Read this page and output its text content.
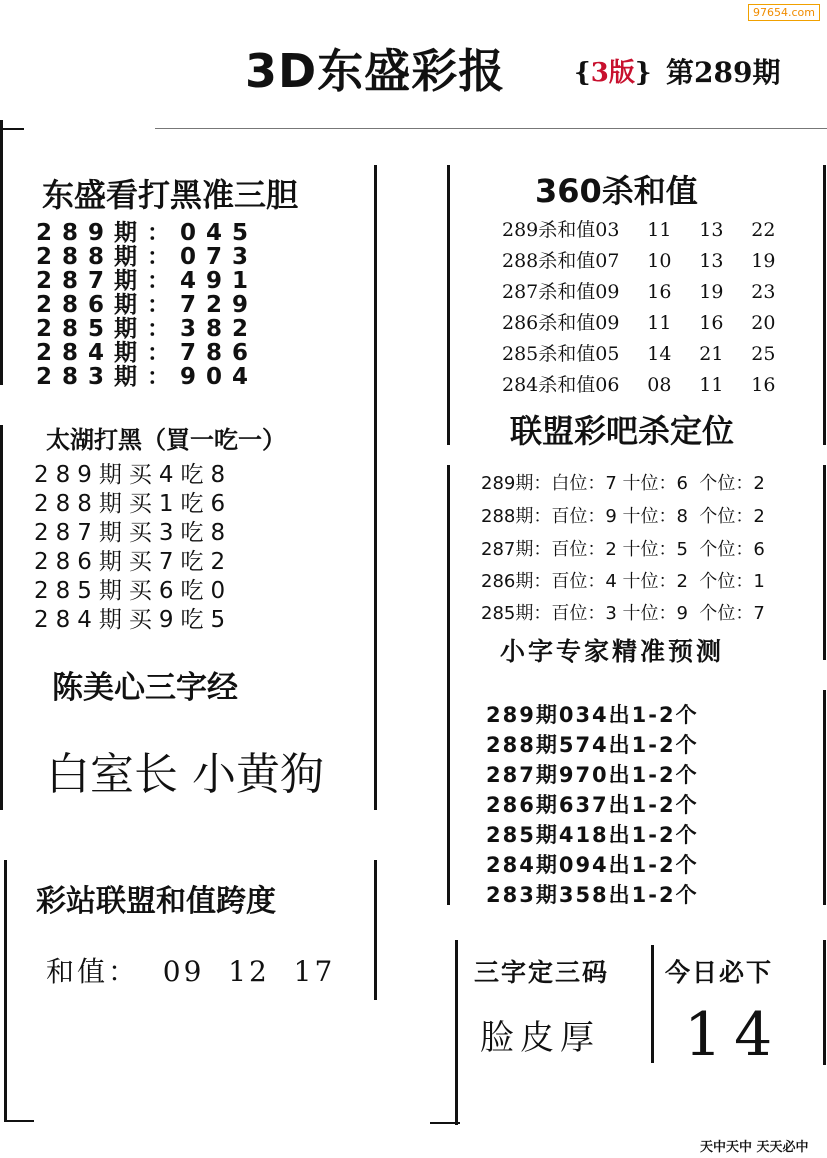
97654.com
3D东盛彩报	{3版} 第289期
东盛看打黑准三胆
289期：045
288期：073
287期：491
286期：729
285期：382
284期：786
283期：904
太湖打黑（買一吃一）
289期买4吃8
288期买1吃6
287期买3吃8
286期买7吃2
285期买6吃0
284期买9吃5
陈美心三字经
白室长 小黄狗
彩站联盟和值跨度
和值：  09  12  17
360杀和值
289杀和值03 11 13 22
288杀和值07 10 13 19
287杀和值09 16 19 23
286杀和值09 11 16 20
285杀和值05 14 21 25
284杀和值06 08 11 16
联盟彩吧杀定位
289期：白位：7 十位：6  个位：2
288期：百位：9 十位：8  个位：2
287期：百位：2 十位：5  个位：6
286期：百位：4 十位：2  个位：1
285期：百位：3 十位：9  个位：7
小字专家精准预测
289期034出1-2个
288期574出1-2个
287期970出1-2个
286期637出1-2个
285期418出1-2个
284期094出1-2个
283期358出1-2个
三字定三码
脸皮厚
今日必下
14
天中天中 天天必中
